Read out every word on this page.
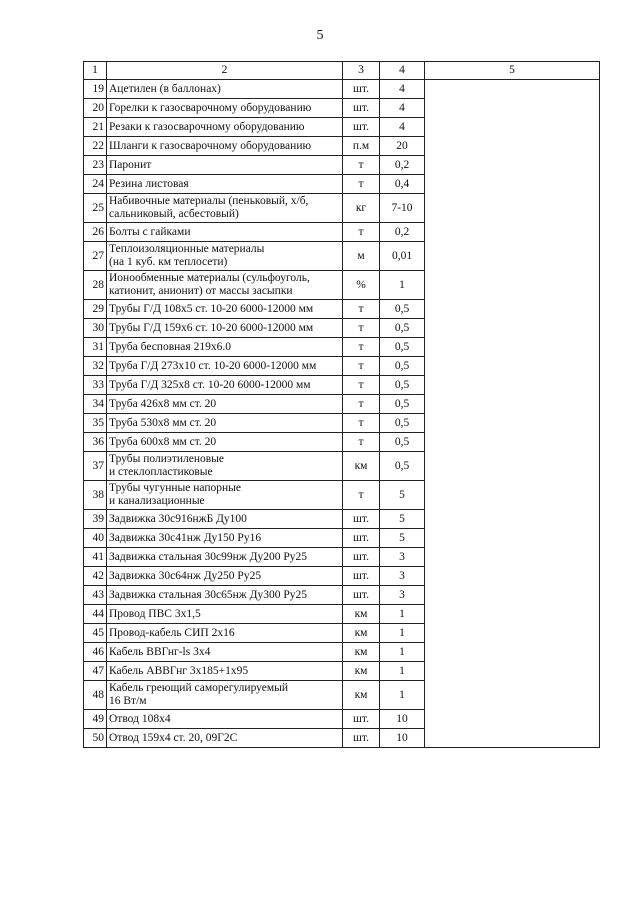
5
1	2	3	4	5
19	Ацетилен (в баллонах)	шт.	4	
20	Горелки к газосварочному оборудованию	шт.	4	
21	Резаки к газосварочному оборудованию	шт.	4	
22	Шланги к газосварочному оборудованию	п.м	20	
23	Паронит	т	0,2	
24	Резина листовая	т	0,4	
25	Набивочные материалы (пеньковый, х/б,
сальниковый, асбестовый)	кг	7-10	
26	Болты с гайками	т	0,2	
27	Теплоизоляционные материалы
(на 1 куб. км теплосети)	м	0,01	
28	Ионообменные материалы (сульфоуголь,
катионит, анионит) от массы засыпки	%	1	
29	Трубы Г/Д 108x5 ст. 10-20 6000-12000 мм	т	0,5	
30	Трубы Г/Д 159x6 ст. 10-20 6000-12000 мм	т	0,5	
31	Труба бесповная 219x6.0	т	0,5	
32	Труба Г/Д 273x10 ст. 10-20 6000-12000 мм	т	0,5	
33	Труба Г/Д 325x8 ст. 10-20 6000-12000 мм	т	0,5	
34	Труба 426x8 мм ст. 20	т	0,5	
35	Труба 530x8 мм ст. 20	т	0,5	
36	Труба 600x8 мм ст. 20	т	0,5	
37	Трубы полиэтиленовые
и стеклопластиковые	км	0,5	
38	Трубы чугунные напорные
и канализационные	т	5	
39	Задвижка 30с916нжБ Ду100	шт.	5	
40	Задвижка 30с41нж Ду150 Ру16	шт.	5	
41	Задвижка стальная 30с99нж Ду200 Ру25	шт.	3	
42	Задвижка 30с64нж Ду250 Ру25	шт.	3	
43	Задвижка стальная 30с65нж Ду300 Ру25	шт.	3	
44	Провод ПВС 3x1,5	км	1	
45	Провод-кабель СИП 2x16	км	1	
46	Кабель ВВГнг-ls 3x4	км	1	
47	Кабель АВВГнг 3x185+1x95	км	1	
48	Кабель греющий саморегулируемый
16 Вт/м	км	1	
49	Отвод 108x4	шт.	10	
50	Отвод 159x4 ст. 20, 09Г2С	шт.	10	
